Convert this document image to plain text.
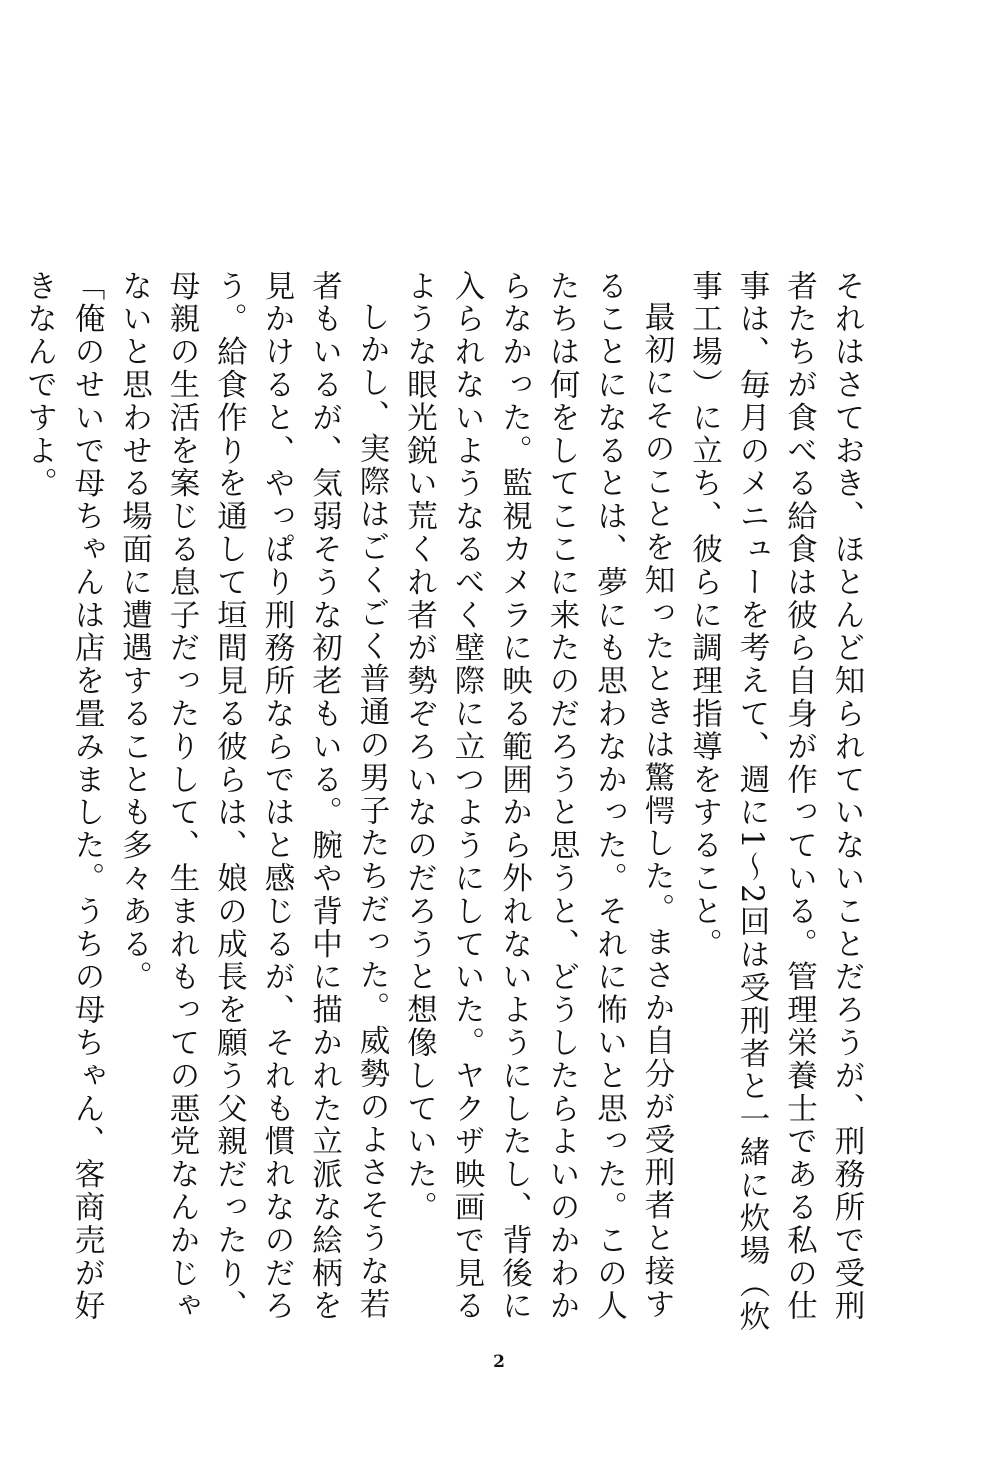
それはさておき、ほとんど知られていないことだろうが、刑務所で受刑者たちが食べる給食は彼ら自身が作っている。管理栄養士である私の仕事は、毎月のメニューを考えて、週に1〜2回は受刑者と一緒に炊場（炊事工場）に立ち、彼らに調理指導をすること。

最初にそのことを知ったときは驚愕した。まさか自分が受刑者と接することになるとは、夢にも思わなかった。それに怖いと思った。この人たちは何をしてここに来たのだろうと思うと、どうしたらよいのかわからなかった。監視カメラに映る範囲から外れないようにしたし、背後に入られないようなるべく壁際に立つようにしていた。ヤクザ映画で見るような眼光鋭い荒くれ者が勢ぞろいなのだろうと想像していた。

しかし、実際はごくごく普通の男子たちだった。威勢のよさそうな若者もいるが、気弱そうな初老もいる。腕や背中に描かれた立派な絵柄を見かけると、やっぱり刑務所ならではと感じるが、それも慣れなのだろう。給食作りを通して垣間見る彼らは、娘の成長を願う父親だったり、母親の生活を案じる息子だったりして、生まれもっての悪党なんかじゃないと思わせる場面に遭遇することも多々ある。

「俺のせいで母ちゃんは店を畳みました。うちの母ちゃん、客商売が好きなんですよ。

2
